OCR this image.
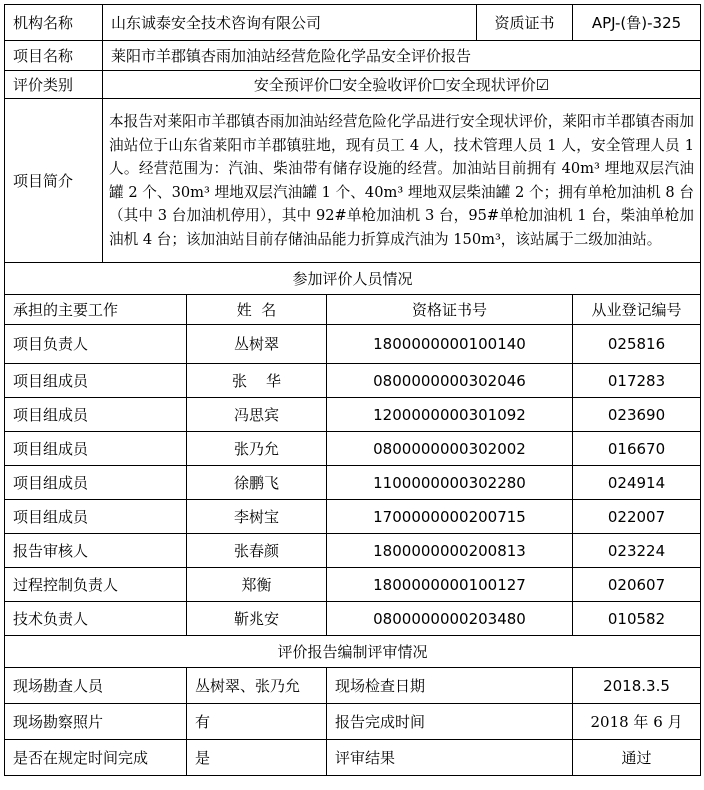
机构名称	山东诚泰安全技术咨询有限公司			资质证书	APJ-(鲁)-325
项目名称	莱阳市羊郡镇杏雨加油站经营危险化学品安全评价报告				
评价类别	安全预评价☐安全验收评价☐安全现状评价☑				
项目简介	本报告对莱阳市羊郡镇杏雨加油站经营危险化学品进行安全现状评价，莱阳市羊郡镇杏雨加油站位于山东省莱阳市羊郡镇驻地，现有员工 4 人，技术管理人员 1 人，安全管理人员 1 人。经营范围为：汽油、柴油带有储存设施的经营。加油站目前拥有 40m³ 埋地双层汽油罐 2 个、30m³ 埋地双层汽油罐 1 个、40m³ 埋地双层柴油罐 2 个；拥有单枪加油机 8 台（其中 3 台加油机停用），其中 92#单枪加油机 3 台，95#单枪加油机 1 台，柴油单枪加油机 4 台；该加油站目前存储油品能力折算成汽油为 150m³，该站属于二级加油站。				
参加评价人员情况					
承担的主要工作		姓  名	资格证书号		从业登记编号
项目负责人		丛树翠	1800000000100140		025816
项目组成员		张    华	0800000000302046		017283
项目组成员		冯思宾	1200000000301092		023690
项目组成员		张乃允	0800000000302002		016670
项目组成员		徐鹏飞	1100000000302280		024914
项目组成员		李树宝	1700000000200715		022007
报告审核人		张春颜	1800000000200813		023224
过程控制负责人		郑衡	1800000000100127		020607
技术负责人		靳兆安	0800000000203480		010582
评价报告编制评审情况					
现场勘查人员		丛树翠、张乃允	现场检查日期		2018.3.5
现场勘察照片		有	报告完成时间		2018 年 6 月
是否在规定时间完成		是	评审结果		通过
